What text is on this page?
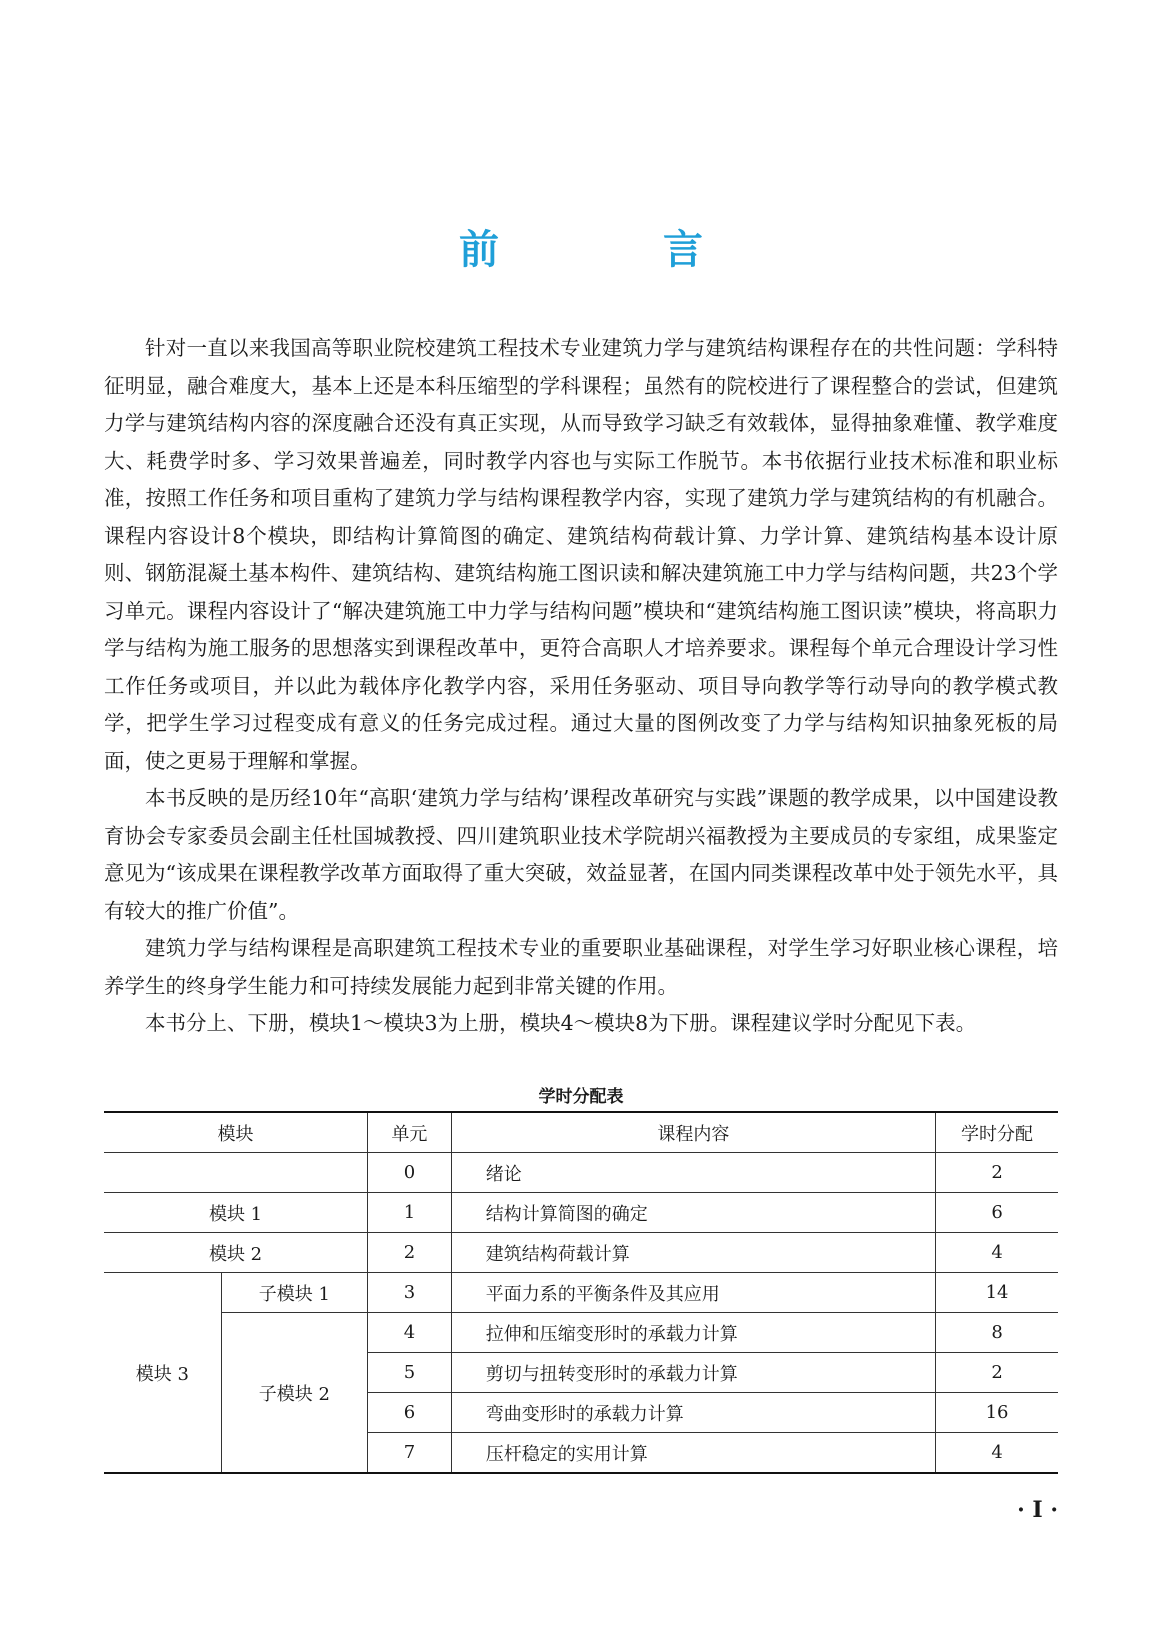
前　言

针对一直以来我国高等职业院校建筑工程技术专业建筑力学与建筑结构课程存在的共性问题：学科特征明显，融合难度大，基本上还是本科压缩型的学科课程；虽然有的院校进行了课程整合的尝试，但建筑力学与建筑结构内容的深度融合还没有真正实现，从而导致学习缺乏有效载体，显得抽象难懂、教学难度大、耗费学时多、学习效果普遍差，同时教学内容也与实际工作脱节。本书依据行业技术标准和职业标准，按照工作任务和项目重构了建筑力学与结构课程教学内容，实现了建筑力学与建筑结构的有机融合。课程内容设计8个模块，即结构计算简图的确定、建筑结构荷载计算、力学计算、建筑结构基本设计原则、钢筋混凝土基本构件、建筑结构、建筑结构施工图识读和解决建筑施工中力学与结构问题，共23个学习单元。课程内容设计了“解决建筑施工中力学与结构问题”模块和“建筑结构施工图识读”模块，将高职力学与结构为施工服务的思想落实到课程改革中，更符合高职人才培养要求。课程每个单元合理设计学习性工作任务或项目，并以此为载体序化教学内容，采用任务驱动、项目导向教学等行动导向的教学模式教学，把学生学习过程变成有意义的任务完成过程。通过大量的图例改变了力学与结构知识抽象死板的局面，使之更易于理解和掌握。

本书反映的是历经10年“高职‘建筑力学与结构’课程改革研究与实践”课题的教学成果，以中国建设教育协会专家委员会副主任杜国城教授、四川建筑职业技术学院胡兴福教授为主要成员的专家组，成果鉴定意见为“该成果在课程教学改革方面取得了重大突破，效益显著，在国内同类课程改革中处于领先水平，具有较大的推广价值”。

建筑力学与结构课程是高职建筑工程技术专业的重要职业基础课程，对学生学习好职业核心课程，培养学生的终身学生能力和可持续发展能力起到非常关键的作用。

本书分上、下册，模块1～模块3为上册，模块4～模块8为下册。课程建议学时分配见下表。

学时分配表
模块		单元	课程内容	学时分配
		0	绪论	2
模块 1		1	结构计算简图的确定	6
模块 2		2	建筑结构荷载计算	4
模块 3	子模块 1	3	平面力系的平衡条件及其应用	14
	子模块 2	4	拉伸和压缩变形时的承载力计算	8
		5	剪切与扭转变形时的承载力计算	2
		6	弯曲变形时的承载力计算	16
		7	压杆稳定的实用计算	4
· I ·
